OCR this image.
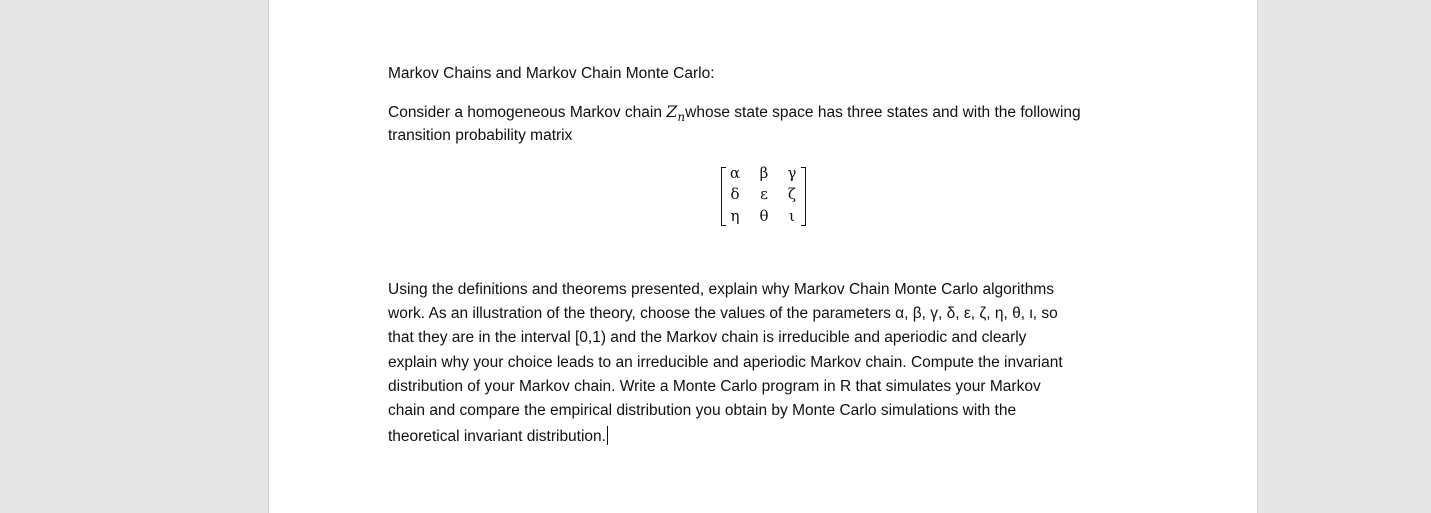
Markov Chains and Markov Chain Monte Carlo:
Consider a homogeneous Markov chain $Z_nwhose$ state space has three states and with the following
transition probability matrix
α	β	γ
δ	ε	ζ
η	θ	ι
Using the definitions and theorems presented, explain why Markov Chain Monte Carlo algorithms
work. As an illustration of the theory, choose the values of the parameters α, β, γ, δ, ε, ζ, η, θ, ι, so
that they are in the interval [0,1) and the Markov chain is irreducible and aperiodic and clearly
explain why your choice leads to an irreducible and aperiodic Markov chain. Compute the invariant
distribution of your Markov chain. Write a Monte Carlo program in R that simulates your Markov
chain and compare the empirical distribution you obtain by Monte Carlo simulations with the
theoretical invariant distribution.
